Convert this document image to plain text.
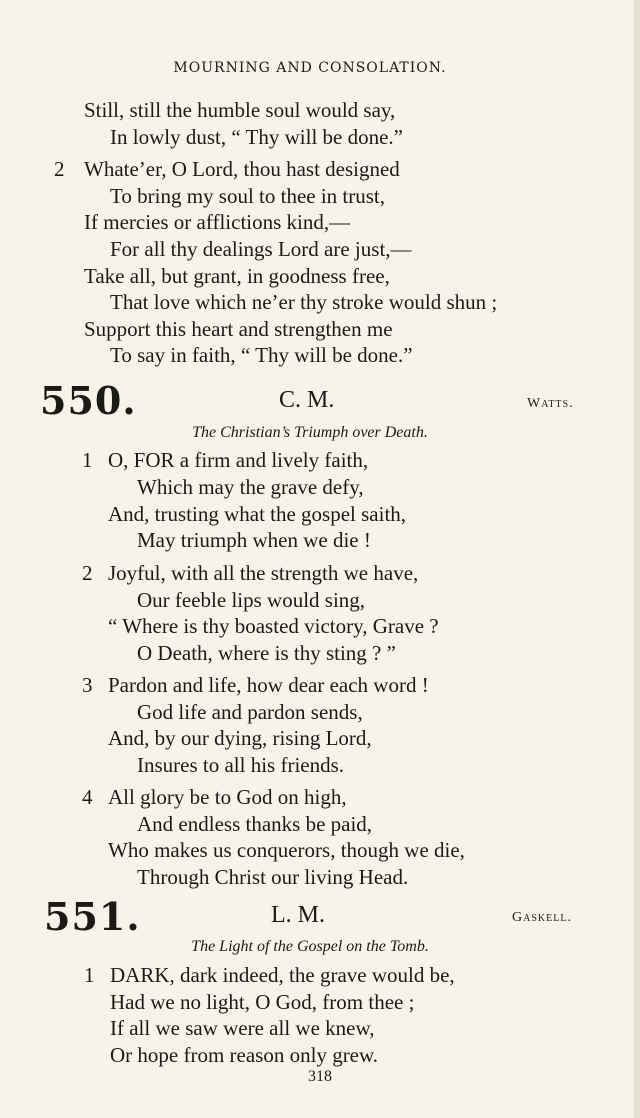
MOURNING AND CONSOLATION.
Still, still the humble soul would say,
In lowly dust, “ Thy will be done.”
2 Whate’er, O Lord, thou hast designed
To bring my soul to thee in trust,
If mercies or afflictions kind,—
For all thy dealings Lord are just,—
Take all, but grant, in goodness free,
That love which ne’er thy stroke would shun ;
Support this heart and strengthen me
To say in faith, “ Thy will be done.”
550.	C. M.	Watts.
The Christian’s Triumph over Death.
1 O, FOR a firm and lively faith,
Which may the grave defy,
And, trusting what the gospel saith,
May triumph when we die !
2 Joyful, with all the strength we have,
Our feeble lips would sing,
“ Where is thy boasted victory, Grave ?
O Death, where is thy sting ? ”
3 Pardon and life, how dear each word !
God life and pardon sends,
And, by our dying, rising Lord,
Insures to all his friends.
4 All glory be to God on high,
And endless thanks be paid,
Who makes us conquerors, though we die,
Through Christ our living Head.
551.	L. M.	Gaskell.
The Light of the Gospel on the Tomb.
1 DARK, dark indeed, the grave would be,
Had we no light, O God, from thee ;
If all we saw were all we knew,
Or hope from reason only grew.
318
